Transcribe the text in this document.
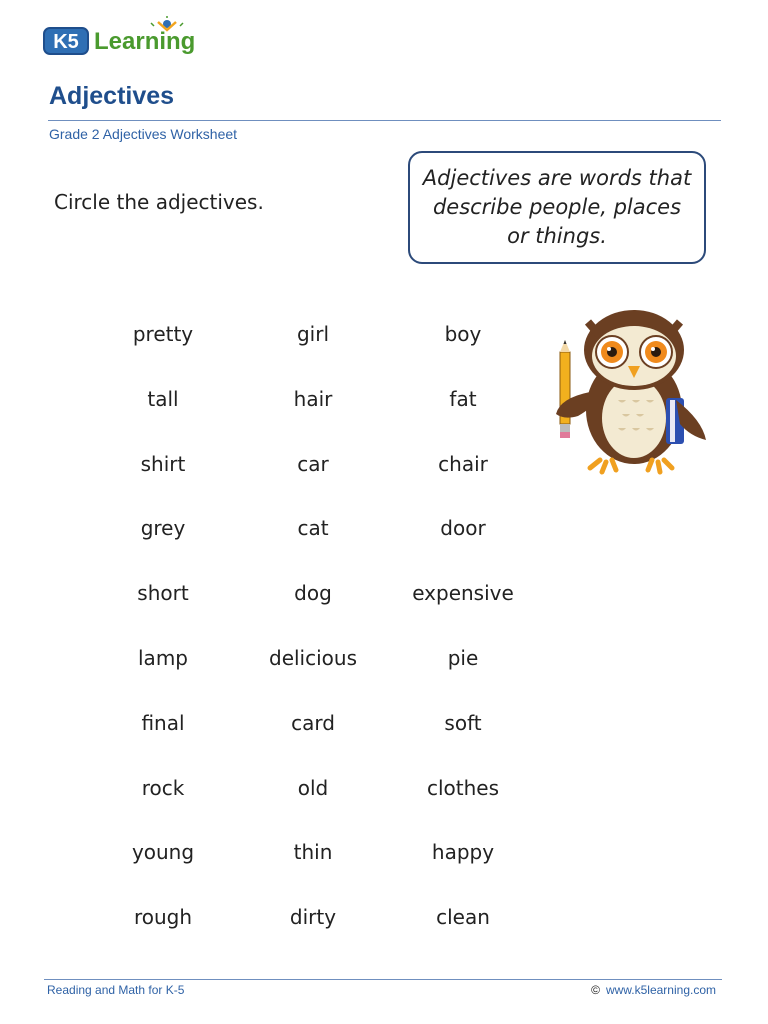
K5 Learning
Adjectives
Grade 2 Adjectives Worksheet
Circle the adjectives.
Adjectives are words that describe people, places or things.
pretty	girl	boy
tall	hair	fat
shirt	car	chair
grey	cat	door
short	dog	expensive
lamp	delicious	pie
final	card	soft
rock	old	clothes
young	thin	happy
rough	dirty	clean
Reading and Math for K-5	© www.k5learning.com
